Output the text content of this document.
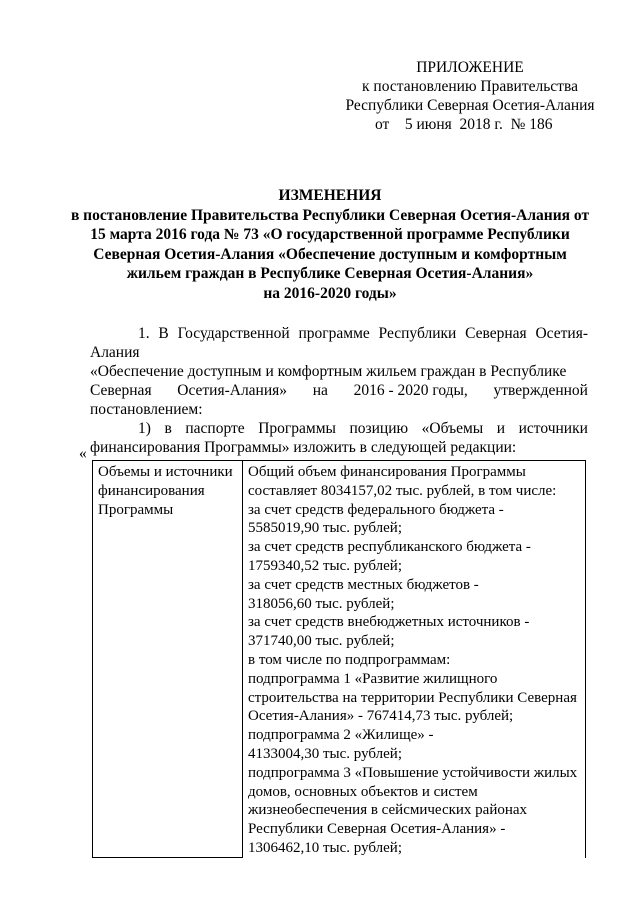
ПРИЛОЖЕНИЕ
к постановлению Правительства
Республики Северная Осетия-Алания
от    5 июня  2018 г.  № 186
ИЗМЕНЕНИЯ
в постановление Правительства Республики Северная Осетия-Алания от
15 марта 2016 года № 73 «О государственной программе Республики
Северная Осетия-Алания «Обеспечение доступным и комфортным
жильем граждан в Республике Северная Осетия-Алания»
на 2016-2020 годы»
1. В Государственной программе Республики Северная Осетия-Алания
«Обеспечение доступным и комфортным жильем граждан в Республике
Северная Осетия-Алания» на 2016 - 2020 годы, утвержденной
постановлением:
1) в паспорте Программы позицию «Объемы и источники
финансирования Программы» изложить в следующей редакции:
«
Объемы и источники
финансирования
Программы

Общий объем финансирования Программы
составляет 8034157,02 тыс. рублей, в том числе:
за счет средств федерального бюджета -
5585019,90 тыс. рублей;
за счет средств республиканского бюджета -
1759340,52 тыс. рублей;
за счет средств местных бюджетов -
318056,60 тыс. рублей;
за счет средств внебюджетных источников -
371740,00 тыс. рублей;
в том числе по подпрограммам:
подпрограмма 1 «Развитие жилищного
строительства на территории Республики Северная
Осетия-Алания» - 767414,73 тыс. рублей;
подпрограмма 2 «Жилище» -
4133004,30 тыс. рублей;
подпрограмма 3 «Повышение устойчивости жилых
домов, основных объектов и систем
жизнеобеспечения в сейсмических районах
Республики Северная Осетия-Алания» -
1306462,10 тыс. рублей;
